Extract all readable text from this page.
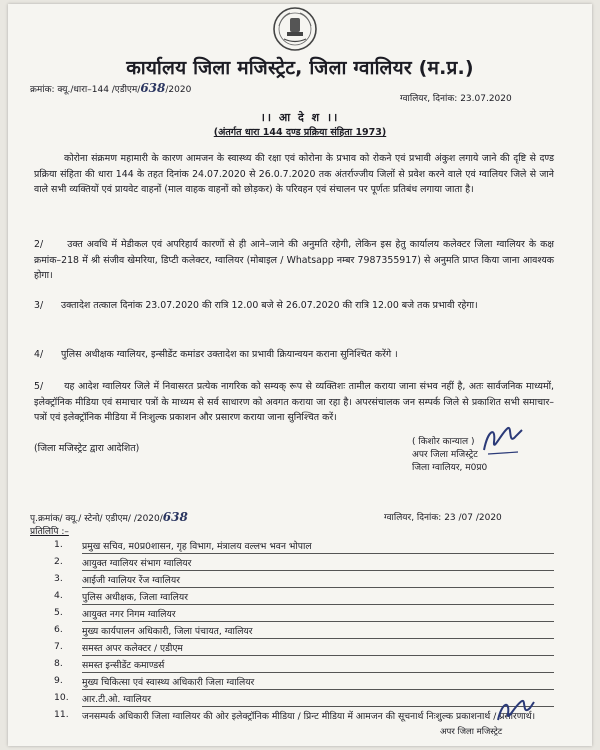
कार्यालय जिला मजिस्ट्रेट, जिला ग्वालियर (म.प्र.)
क्रमांक: क्यू./धारा–144 /एडीएम/638/2020
ग्वालियर, दिनांक: 23.07.2020
।। आ दे श ।।
(अंतर्गत धारा 144 दण्ड प्रक्रिया संहिता 1973)
कोरोना संक्रमण महामारी के कारण आमजन के स्वास्थ्य की रक्षा एवं कोरोना के प्रभाव को रोकने एवं प्रभावी अंकुश लगाये जाने की दृष्टि से दण्ड प्रक्रिया संहिता की धारा 144 के तहत दिनांक 24.07.2020 से 26.0.7.2020 तक अंतर्राज्जीय जिलों से प्रवेश करने वाले एवं ग्वालियर जिले से जाने वाले सभी व्यक्तियों एवं प्रायवेट वाहनों (माल वाहक वाहनों को छोड़कर) के परिवहन एवं संचालन पर पूर्णतः प्रतिबंध लगाया जाता है।
2/	उक्त अवधि में मेडीकल एवं अपरिहार्य कारणों से ही आने–जाने की अनुमति रहेगी, लेकिन इस हेतु कार्यालय कलेक्टर जिला ग्वालियर के कक्ष क्रमांक–218 में श्री संजीव खेमरिया, डिप्टी कलेक्टर, ग्वालियर (मोबाइल / Whatsapp नम्बर 7987355917) से अनुमति प्राप्त किया जाना आवश्यक होगा।
3/ उक्तादेश तत्काल दिनांक 23.07.2020 की रात्रि 12.00 बजे से 26.07.2020 की रात्रि 12.00 बजे तक प्रभावी रहेगा।
4/ पुलिस अधीक्षक ग्वालियर, इन्सीडेंट कमांडर उक्तादेश का प्रभावी क्रियान्वयन कराना सुनिश्चित करेंगे ।
5/ यह आदेश ग्वालियर जिले में निवासरत प्रत्येक नागरिक को सम्यक् रूप से व्यक्तिशः तामील कराया जाना संभव नहीं है, अतः सार्वजनिक माध्यमों, इलेक्ट्रॉनिक मीडिया एवं समाचार पत्रों के माध्यम से सर्व साधारण को अवगत कराया जा रहा है। अपरसंचालक जन सम्पर्क जिले से प्रकाशित सभी समाचार–पत्रों एवं इलेक्ट्रॉनिक मीडिया में निःशुल्क प्रकाशन और प्रसारण कराया जाना सुनिश्चित करें।
(जिला मजिस्ट्रेट द्वारा आदेशित)
( किशोर कान्याल )
अपर जिला मजिस्ट्रेट
जिला ग्वालियर, म0प्र0
पृ.क्रमांक/ क्यू./ स्टेनो/ एडीएम/ /2020/638	ग्वालियर, दिनांक: 23 /07 /2020
प्रतिलिपि :–
1.	प्रमुख सचिव, म0प्र0शासन, गृह विभाग, मंत्रालय वल्लभ भवन भोपाल
2.	आयुक्त ग्वालियर संभाग ग्वालियर
3.	आईजी ग्वालियर रेंज ग्वालियर
4.	पुलिस अधीक्षक, जिला ग्वालियर
5.	आयुक्त नगर निगम ग्वालियर
6.	मुख्य कार्यपालन अधिकारी, जिला पंचायत, ग्वालियर
7.	समस्त अपर कलेक्टर / एडीएम
8.	समस्त इन्सीडेंट कमाण्डर्स
9.	मुख्य चिकित्सा एवं स्वास्थ्य अधिकारी जिला ग्वालियर
10.	आर.टी.ओ. ग्वालियर
11.	जनसम्पर्क अधिकारी जिला ग्वालियर की ओर इलेक्ट्रॉनिक मीडिया / प्रिन्ट मीडिया में आमजन की सूचनार्थ निःशुल्क प्रकाशनार्थ / प्रसारणार्थ।
अपर जिला मजिस्ट्रेट
